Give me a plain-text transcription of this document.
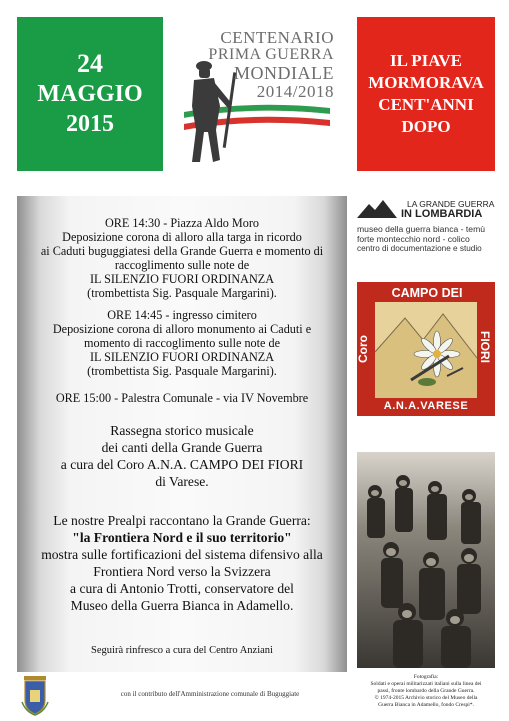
24
MAGGIO
2015
CENTENARIO
PRIMA GUERRA
MONDIALE
2014/2018
IL PIAVE
MORMORAVA
CENT'ANNI
DOPO
ORE 14:30 - Piazza Aldo Moro
Deposizione corona di alloro alla targa in ricordo
ai Caduti buguggiatesi della Grande Guerra e momento di
raccoglimento sulle note de
IL SILENZIO FUORI ORDINANZA
(trombettista Sig. Pasquale Margarini).
ORE 14:45 - ingresso cimitero
Deposizione corona di alloro monumento ai Caduti e
momento di raccoglimento sulle note de
IL SILENZIO FUORI ORDINANZA
(trombettista Sig. Pasquale Margarini).
ORE 15:00 - Palestra Comunale - via IV Novembre
Rassegna storico musicale
dei canti della Grande Guerra
a cura del Coro A.N.A. CAMPO DEI FIORI
di Varese.
Le nostre Prealpi raccontano la Grande Guerra:
"la Frontiera Nord e il suo territorio"
mostra sulle fortificazioni del sistema difensivo alla
Frontiera Nord verso la Svizzera
a cura di Antonio Trotti, conservatore del
Museo della Guerra Bianca in Adamello.
Seguirà rinfresco a cura del Centro Anziani
LA GRANDE GUERRA
IN LOMBARDIA
museo della guerra bianca - temù
forte montecchio nord - colico
centro di documentazione e studio
CAMPO DEI
Coro	FIORI
A.N.A.VARESE
Fotografia:
Soldati e operai militarizzati italiani sulla linea dei
passi, fronte lombardo della Grande Guerra.
© 1974-2015 Archivio storico del Museo della
Guerra Bianca in Adamello, fondo Crespi*.
con il contributo dell'Amministrazione comunale di Buguggiate
